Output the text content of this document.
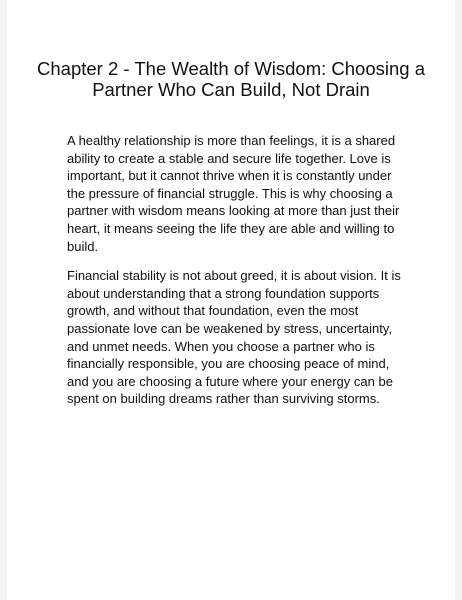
Chapter 2 - The Wealth of Wisdom: Choosing a Partner Who Can Build, Not Drain

A healthy relationship is more than feelings, it is a shared ability to create a stable and secure life together. Love is important, but it cannot thrive when it is constantly under the pressure of financial struggle. This is why choosing a partner with wisdom means looking at more than just their heart, it means seeing the life they are able and willing to build.

Financial stability is not about greed, it is about vision. It is about understanding that a strong foundation supports growth, and without that foundation, even the most passionate love can be weakened by stress, uncertainty, and unmet needs. When you choose a partner who is financially responsible, you are choosing peace of mind, and you are choosing a future where your energy can be spent on building dreams rather than surviving storms.
